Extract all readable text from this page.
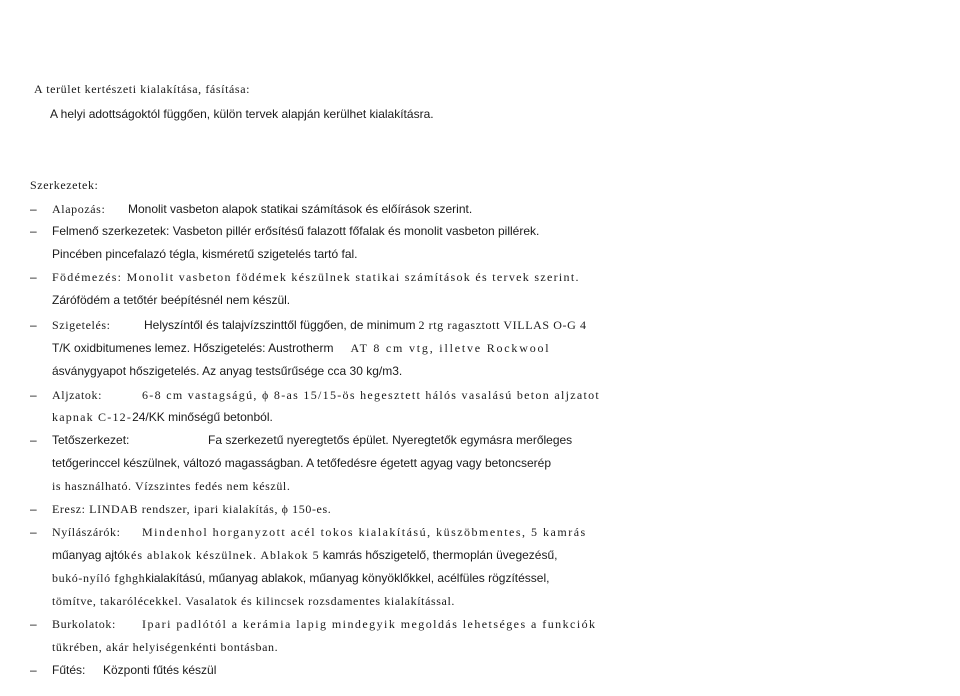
A terület kertészeti kialakítása, fásítása:
A helyi adottságoktól függően, külön tervek alapján kerülhet kialakításra.
Szerkezetek:
– Alapozás: Monolit vasbeton alapok statikai számítások és előírások szerint.
– Felmenő szerkezetek: Vasbeton pillér erősítésű falazott főfalak és monolit vasbeton pillérek.
Pincében pincefalazó tégla, kisméretű szigetelés tartó fal.
– Födémezés: Monolit vasbeton födémek készülnek statikai számítások és tervek szerint.
Zárófödém a tetőtér beépítésnél nem készül.
– Szigetelés:	Helyszíntől és talajvízszinttől függően, de minimum 2 rtg ragasztott VILLAS O-G 4
T/K oxidbitumenes lemez. Hőszigetelés: Austrotherm AT 8 cm vtg, illetve Rockwool
ásványgyapot hőszigetelés. Az anyag testsűrűsége cca 30 kg/m3.
– Aljzatok:	6-8 cm vastagságú, ϕ 8-as 15/15-ös hegesztett hálós vasalású beton aljzatot
kapnak C-12-24/KK minőségű betonból.
– Tetőszerkezet:	Fa szerkezetű nyeregtetős épület. Nyeregtetők egymásra merőleges
tetőgerinccel készülnek, változó magasságban. A tetőfedésre égetett agyag vagy betoncserép
is használható. Vízszintes fedés nem készül.
– Eresz: LINDAB rendszer, ipari kialakítás, ϕ 150-es.
– Nyílászárók: Mindenhol horganyzott acél tokos kialakítású, küszöbmentes, 5 kamrás
műanyag ajtókés ablakok készülnek. Ablakok 5 kamrás hőszigetelő, thermoplán üvegezésű,
bukó-nyíló fghghkialakítású, műanyag ablakok, műanyag könyöklőkkel, acélfüles rögzítéssel,
tömítve, takarólécekkel. Vasalatok és kilincsek rozsdamentes kialakítással.
– Burkolatok: Ipari padlótól a kerámia lapig mindegyik megoldás lehetséges a funkciók
tükrében, akár helyiségenkénti bontásban.
– Fűtés: Központi fűtés készül
